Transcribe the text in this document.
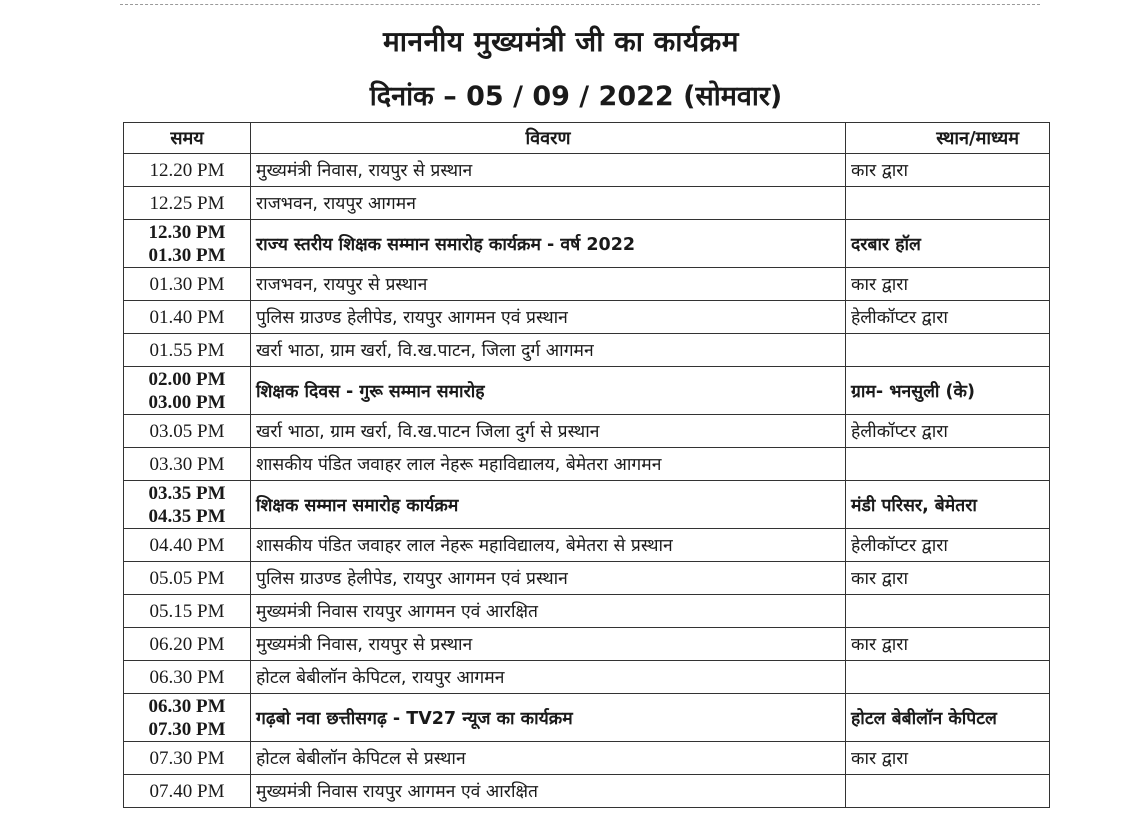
माननीय मुख्यमंत्री जी का कार्यक्रम
दिनांक – 05 / 09 / 2022 (सोमवार)
समय	विवरण	स्थान/माध्यम

12.20 PM	मुख्यमंत्री निवास, रायपुर से प्रस्थान	कार द्वारा

12.25 PM	राजभवन, रायपुर आगमन	

12.30 PM
01.30 PM	राज्य स्तरीय शिक्षक सम्मान समारोह कार्यक्रम - वर्ष 2022	दरबार हॉल

01.30 PM	राजभवन, रायपुर से प्रस्थान	कार द्वारा

01.40 PM	पुलिस ग्राउण्ड हेलीपेड, रायपुर आगमन एवं प्रस्थान	हेलीकॉप्टर द्वारा

01.55 PM	खर्रा भाठा, ग्राम खर्रा, वि.ख.पाटन, जिला दुर्ग आगमन	

02.00 PM
03.00 PM	शिक्षक दिवस - गुरू सम्मान समारोह	ग्राम- भनसुली (के)

03.05 PM	खर्रा भाठा, ग्राम खर्रा, वि.ख.पाटन जिला दुर्ग से प्रस्थान	हेलीकॉप्टर द्वारा

03.30 PM	शासकीय पंडित जवाहर लाल नेहरू महाविद्यालय, बेमेतरा आगमन	

03.35 PM
04.35 PM	शिक्षक सम्मान समारोह कार्यक्रम	मंडी परिसर, बेमेतरा

04.40 PM	शासकीय पंडित जवाहर लाल नेहरू महाविद्यालय, बेमेतरा से प्रस्थान	हेलीकॉप्टर द्वारा

05.05 PM	पुलिस ग्राउण्ड हेलीपेड, रायपुर आगमन एवं प्रस्थान	कार द्वारा

05.15 PM	मुख्यमंत्री निवास रायपुर आगमन एवं आरक्षित	

06.20 PM	मुख्यमंत्री निवास, रायपुर से प्रस्थान	कार द्वारा

06.30 PM	होटल बेबीलॉन केपिटल, रायपुर आगमन	

06.30 PM
07.30 PM	गढ़बो नवा छत्तीसगढ़ - TV27 न्यूज का कार्यक्रम	होटल बेबीलॉन केपिटल

07.30 PM	होटल बेबीलॉन केपिटल से प्रस्थान	कार द्वारा

07.40 PM	मुख्यमंत्री निवास रायपुर आगमन एवं आरक्षित	
